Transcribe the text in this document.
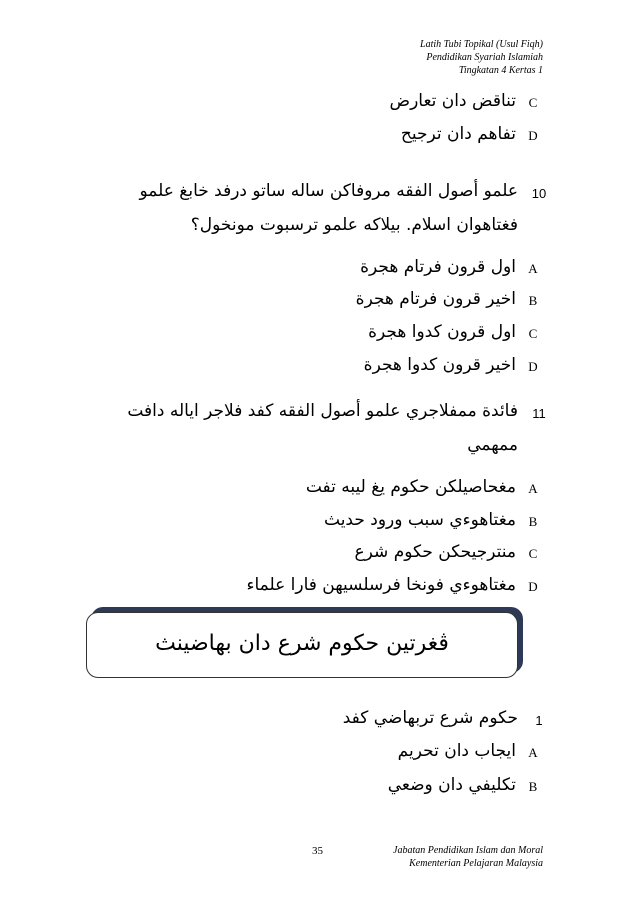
Latih Tubi Topikal (Usul Fiqh)
Pendidikan Syariah Islamiah
Tingkatan 4 Kertas 1
C
تناقض دان تعارض
D
تفاهم دان ترجيح
10
علمو أصول الفقه مروفاكن ساله ساتو درفد خابغ علمو
فغتاهوان اسلام. بيلاكه علمو ترسبوت مونخول؟
A
اول قرون فرتام هجرة
B
اخير قرون فرتام هجرة
C
اول قرون كدوا هجرة
D
اخير قرون كدوا هجرة
11
فائدة ممفلاجري علمو أصول الفقه كفد فلاجر اياله دافت
ممهمي
A
مغحاصيلكن حكوم يغ ليبه تفت
B
مغتاهوءي سبب ورود حديث
C
منترجيحكن حكوم شرع
D
مغتاهوءي فونخا فرسلسيهن فارا علماء
ڤغرتين حكوم شرع دان بهاضينث
1
حكوم شرع تربهاضي كفد
A
ايجاب دان تحريم
B
تكليفي دان وضعي
35	Jabatan Pendidikan Islam dan Moral
Kementerian Pelajaran Malaysia
